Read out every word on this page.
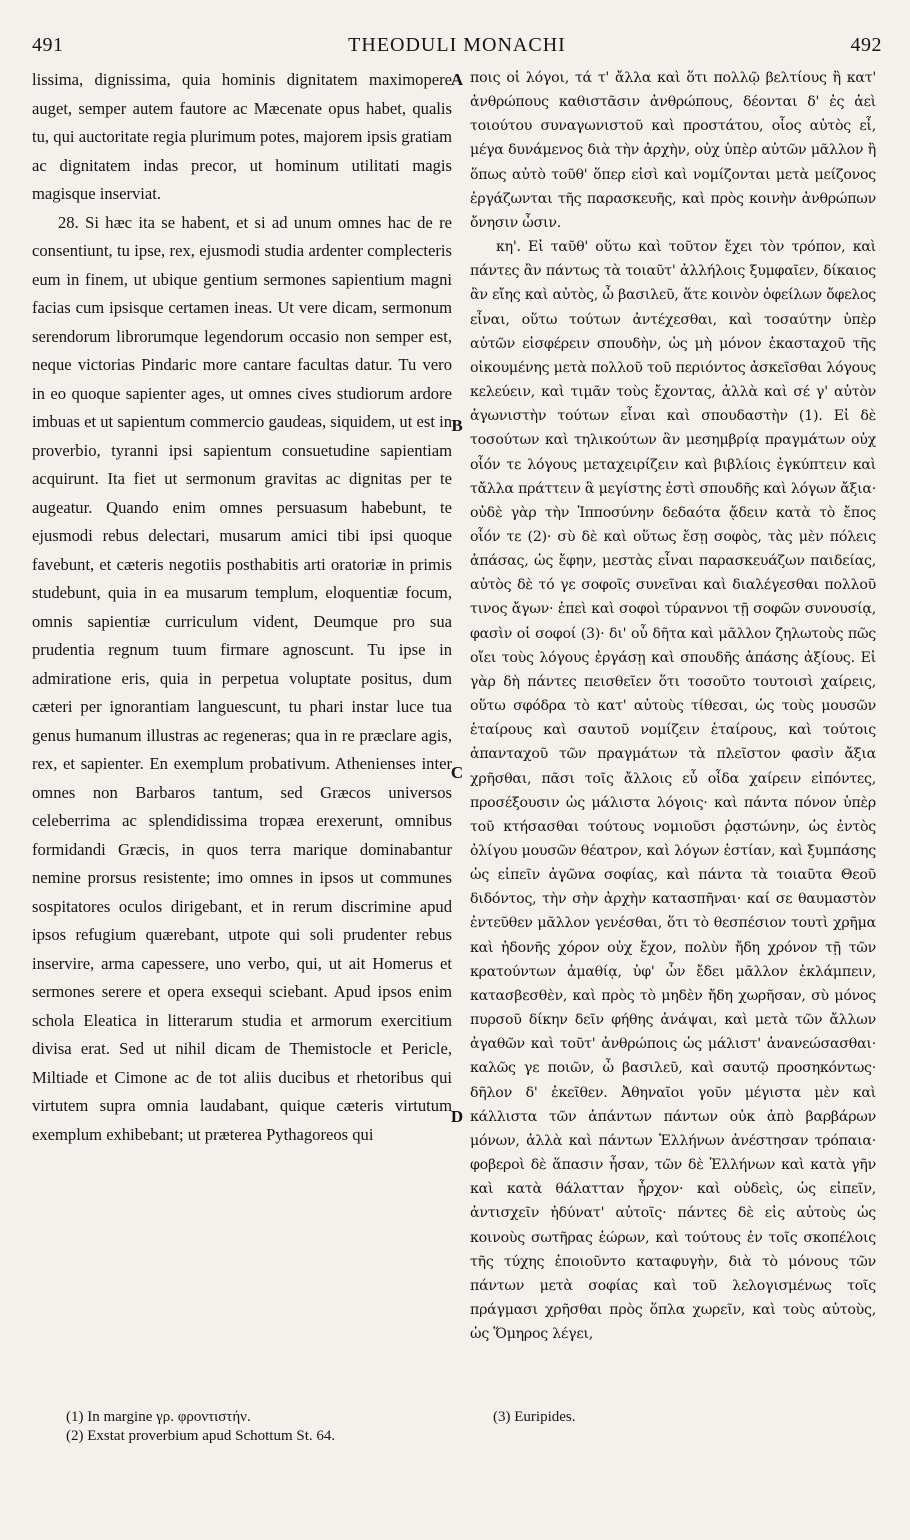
491	THEODULI MONACHI	492

lissima, dignissima, quia hominis dignitatem maximopere auget, semper autem fautore ac Mæcenate opus habet, qualis tu, qui auctoritate regia plurimum potes, majorem ipsis gratiam ac dignitatem indas precor, ut hominum utilitati magis magisque inserviat.

28. Si hæc ita se habent, et si ad unum omnes hac de re consentiunt, tu ipse, rex, ejusmodi studia ardenter complecteris eum in finem, ut ubique gentium sermones sapientium magni facias cum ipsisque certamen ineas. Ut vere dicam, sermonum serendorum librorumque legendorum occasio non semper est, neque victorias Pindaric more cantare facultas datur. Tu vero in eo quoque sapienter ages, ut omnes cives studiorum ardore imbuas et ut sapientum commercio gaudeas, siquidem, ut est in proverbio, tyranni ipsi sapientum consuetudine sapientiam acquirunt. Ita fiet ut sermonum gravitas ac dignitas per te augeatur. Quando enim omnes persuasum habebunt, te ejusmodi rebus delectari, musarum amici tibi ipsi quoque favebunt, et cæteris negotiis posthabitis arti oratoriæ in primis studebunt, quia in ea musarum templum, eloquentiæ focum, omnis sapientiæ curriculum vident, Deumque pro sua prudentia regnum tuum firmare agnoscunt. Tu ipse in admiratione eris, quia in perpetua voluptate positus, dum cæteri per ignorantiam languescunt, tu phari instar luce tua genus humanum illustras ac regeneras; qua in re præclare agis, rex, et sapienter. En exemplum probativum. Athenienses inter omnes non Barbaros tantum, sed Græcos universos celeberrima ac splendidissima tropæa erexerunt, omnibus formidandi Græcis, in quos terra marique dominabantur nemine prorsus resistente; imo omnes in ipsos ut communes sospitatores oculos dirigebant, et in rerum discrimine apud ipsos refugium quærebant, utpote qui soli prudenter rebus inservire, arma capessere, uno verbo, qui, ut ait Homerus et sermones serere et opera exsequi sciebant. Apud ipsos enim schola Eleatica in litterarum studia et armorum exercitium divisa erat. Sed ut nihil dicam de Themistocle et Pericle, Miltiade et Cimone ac de tot aliis ducibus et rhetoribus qui virtutem supra omnia laudabant, quique cæteris virtutum exemplum exhibebant; ut præterea Pythagoreos qui

A
B
C
D

ποις οἱ λόγοι, τά τ' ἄλλα καὶ ὅτι πολλῷ βελτίους ἢ κατ' ἀνθρώπους καθιστᾶσιν ἀνθρώπους, δέονται δ' ἐς ἀεὶ τοιούτου συναγωνιστοῦ καὶ προστάτου, οἷος αὐτὸς εἶ, μέγα δυνάμενος διὰ τὴν ἀρχὴν, οὐχ ὑπὲρ αὐτῶν μᾶλλον ἢ ὅπως αὐτὸ τοῦθ' ὅπερ εἰσὶ καὶ νομίζονται μετὰ μείζονος ἐργάζωνται τῆς παρασκευῆς, καὶ πρὸς κοινὴν ἀνθρώπων ὄνησιν ὦσιν.

κη'. Εἰ ταῦθ' οὕτω καὶ τοῦτον ἔχει τὸν τρόπον, καὶ πάντες ἂν πάντως τὰ τοιαῦτ' ἀλλήλοις ξυμφαῖεν, δίκαιος ἂν εἴης καὶ αὐτὸς, ὦ βασιλεῦ, ἅτε κοινὸν ὀφείλων ὄφελος εἶναι, οὕτω τούτων ἀντέχεσθαι, καὶ τοσαύτην ὑπὲρ αὐτῶν εἰσφέρειν σπουδὴν, ὡς μὴ μόνον ἑκασταχοῦ τῆς οἰκουμένης μετὰ πολλοῦ τοῦ περιόντος ἀσκεῖσθαι λόγους κελεύειν, καὶ τιμᾶν τοὺς ἔχοντας, ἀλλὰ καὶ σέ γ' αὐτὸν ἀγωνιστὴν τούτων εἶναι καὶ σπουδαστὴν (1). Εἰ δὲ τοσούτων καὶ τηλικούτων ἂν μεσημβρίᾳ πραγμάτων οὐχ οἷόν τε λόγους μεταχειρίζειν καὶ βιβλίοις ἐγκύπτειν καὶ τἄλλα πράττειν ἃ μεγίστης ἐστὶ σπουδῆς καὶ λόγων ἄξια· οὐδὲ γὰρ τὴν Ἱπποσύνην δεδαότα ᾄδειν κατὰ τὸ ἔπος οἷόν τε (2)· σὺ δὲ καὶ οὕτως ἔσῃ σοφὸς, τὰς μὲν πόλεις ἁπάσας, ὡς ἔφην, μεστὰς εἶναι παρασκευάζων παιδείας, αὐτὸς δὲ τό γε σοφοῖς συνεῖναι καὶ διαλέγεσθαι πολλοῦ τινος ἄγων· ἐπεὶ καὶ σοφοὶ τύραννοι τῇ σοφῶν συνουσίᾳ, φασὶν οἱ σοφοί (3)· δι' οὗ δῆτα καὶ μᾶλλον ζηλωτοὺς πῶς οἴει τοὺς λόγους ἐργάσῃ καὶ σπουδῆς ἁπάσης ἀξίους. Εἰ γὰρ δὴ πάντες πεισθεῖεν ὅτι τοσοῦτο τουτοισὶ χαίρεις, οὕτω σφόδρα τὸ κατ' αὐτοὺς τίθεσαι, ὡς τοὺς μουσῶν ἑταίρους καὶ σαυτοῦ νομίζειν ἑταίρους, καὶ τούτοις ἁπανταχοῦ τῶν πραγμάτων τὰ πλεῖστον φασὶν ἄξια χρῆσθαι, πᾶσι τοῖς ἄλλοις εὖ οἶδα χαίρειν εἰπόντες, προσέξουσιν ὡς μάλιστα λόγοις· καὶ πάντα πόνον ὑπὲρ τοῦ κτήσασθαι τούτους νομιοῦσι ῥᾳστώνην, ὡς ἐντὸς ὀλίγου μουσῶν θέατρον, καὶ λόγων ἑστίαν, καὶ ξυμπάσης ὡς εἰπεῖν ἀγῶνα σοφίας, καὶ πάντα τὰ τοιαῦτα Θεοῦ διδόντος, τὴν σὴν ἀρχὴν κατασπῆναι· καί σε θαυμαστὸν ἐντεῦθεν μᾶλλον γενέσθαι, ὅτι τὸ θεσπέσιον τουτὶ χρῆμα καὶ ἡδονῆς χόρον οὐχ ἔχον, πολὺν ἤδη χρόνον τῇ τῶν κρατούντων ἀμαθίᾳ, ὑφ' ὧν ἔδει μᾶλλον ἐκλάμπειν, κατασβεσθὲν, καὶ πρὸς τὸ μηδὲν ἤδη χωρῆσαν, σὺ μόνος πυρσοῦ δίκην δεῖν φήθης ἀνάψαι, καὶ μετὰ τῶν ἄλλων ἀγαθῶν καὶ τοῦτ' ἀνθρώποις ὡς μάλιστ' ἀνανεώσασθαι· καλῶς γε ποιῶν, ὦ βασιλεῦ, καὶ σαυτῷ προσηκόντως· δῆλον δ' ἐκεῖθεν. Ἀθηναῖοι γοῦν μέγιστα μὲν καὶ κάλλιστα τῶν ἁπάντων πάντων οὐκ ἀπὸ βαρβάρων μόνων, ἀλλὰ καὶ πάντων Ἑλλήνων ἀνέστησαν τρόπαια· φοβεροὶ δὲ ἅπασιν ἦσαν, τῶν δὲ Ἑλλήνων καὶ κατὰ γῆν καὶ κατὰ θάλατταν ἦρχον· καὶ οὐδεὶς, ὡς εἰπεῖν, ἀντισχεῖν ἠδύνατ' αὐτοῖς· πάντες δὲ εἰς αὐτοὺς ὡς κοινοὺς σωτῆρας ἑώρων, καὶ τούτους ἐν τοῖς σκοπέλοις τῆς τύχης ἐποιοῦντο καταφυγὴν, διὰ τὸ μόνους τῶν πάντων μετὰ σοφίας καὶ τοῦ λελογισμένως τοῖς πράγμασι χρῆσθαι πρὸς ὅπλα χωρεῖν, καὶ τοὺς αὐτοὺς, ὡς Ὅμηρος λέγει,

(1) In margine γρ. φροντιστήν.
(2) Exstat proverbium apud Schottum St. 64.
(3) Euripides.
